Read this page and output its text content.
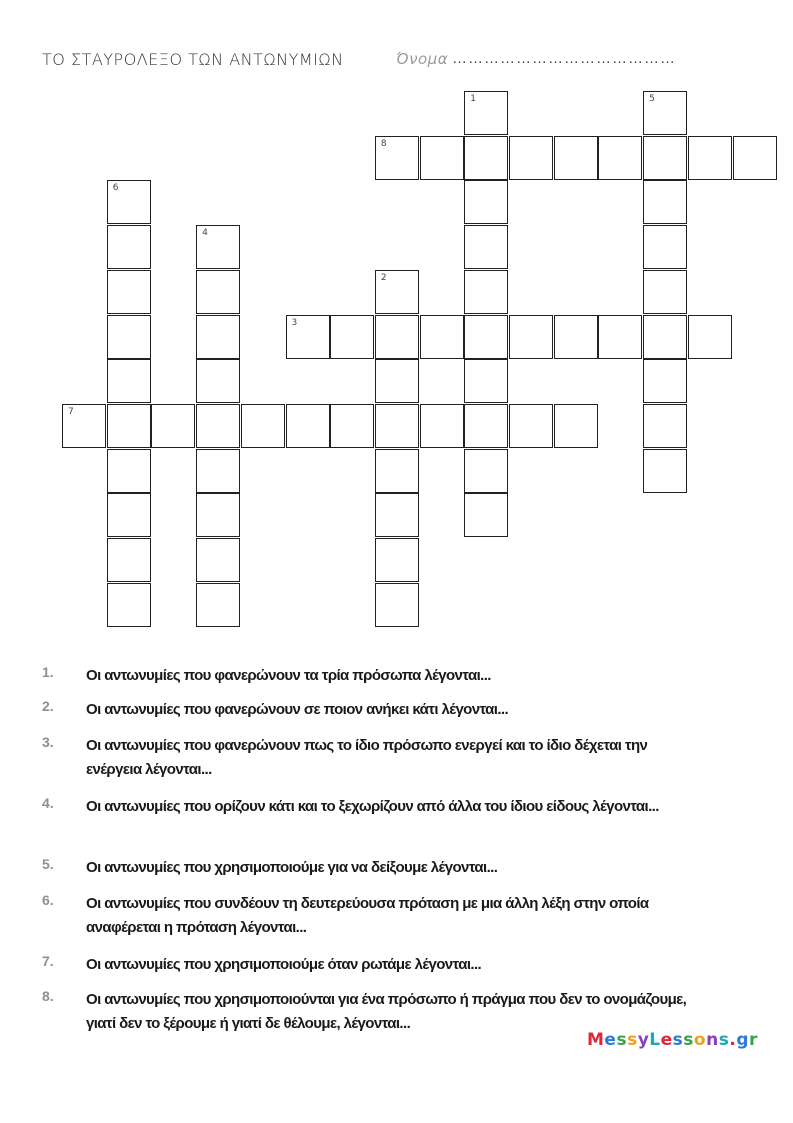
ΤΟ ΣΤΑΥΡΟΛΕΞΟ ΤΩΝ ΑΝΤΩΝΥΜΙΩΝ	Όνομα ……………………………………
1
2
3
4
5
6
7
8
1. Οι αντωνυμίες που φανερώνουν τα τρία πρόσωπα λέγονται...
2. Οι αντωνυμίες που φανερώνουν σε ποιον ανήκει κάτι λέγονται...
3. Οι αντωνυμίες που φανερώνουν πως το ίδιο πρόσωπο ενεργεί και το ίδιο δέχεται την ενέργεια λέγονται...
4. Οι αντωνυμίες που ορίζουν κάτι και το ξεχωρίζουν από άλλα του ίδιου είδους λέγονται...
5. Οι αντωνυμίες που χρησιμοποιούμε για να δείξουμε λέγονται...
6. Οι αντωνυμίες που συνδέουν τη δευτερεύουσα πρόταση με μια άλλη λέξη στην οποία αναφέρεται η πρόταση λέγονται...
7. Οι αντωνυμίες που χρησιμοποιούμε όταν ρωτάμε λέγονται...
8. Οι αντωνυμίες που χρησιμοποιούνται για ένα πρόσωπο ή πράγμα που δεν το ονομάζουμε, γιατί δεν το ξέρουμε ή γιατί δε θέλουμε, λέγονται...
MessyLessons.gr
